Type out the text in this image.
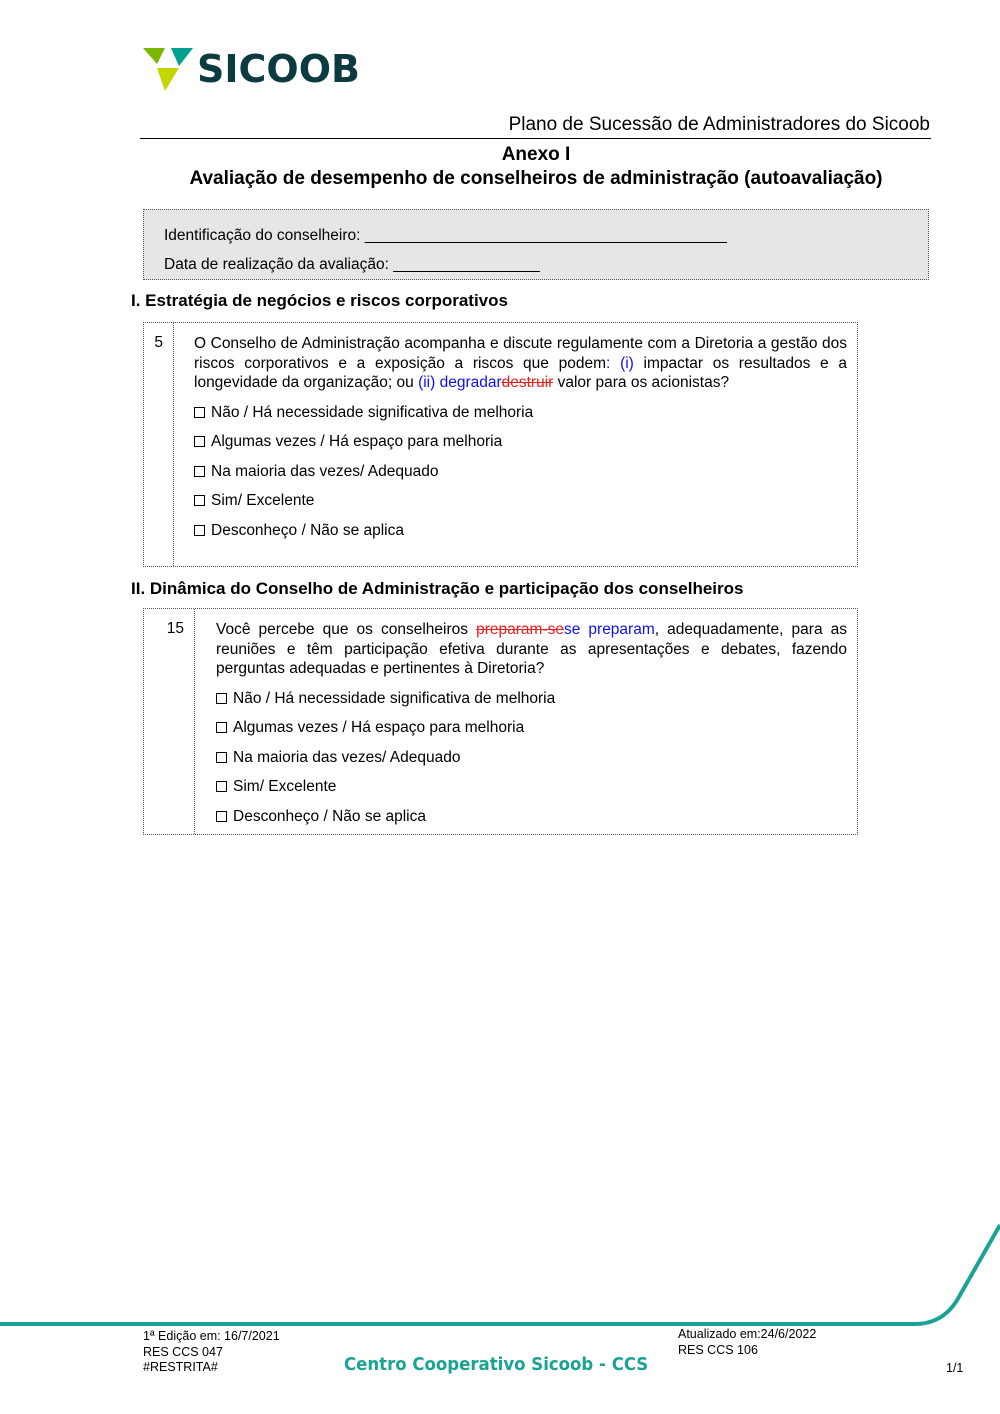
SICOOB
Plano de Sucessão de Administradores do Sicoob
Anexo I
Avaliação de desempenho de conselheiros de administração (autoavaliação)
Identificação do conselheiro: __________________________________________
Data de realização da avaliação: _________________
I. Estratégia de negócios e riscos corporativos
5	O Conselho de Administração acompanha e discute regulamente com a Diretoria a gestão dos riscos corporativos e a exposição a riscos que podem: (i) impactar os resultados e a longevidade da organização; ou (ii) degradardestruir valor para os acionistas?
Não / Há necessidade significativa de melhoria
Algumas vezes / Há espaço para melhoria
Na maioria das vezes/ Adequado
Sim/ Excelente
Desconheço / Não se aplica
II. Dinâmica do Conselho de Administração e participação dos conselheiros
15	Você percebe que os conselheiros preparam-sese preparam, adequadamente, para as reuniões e têm participação efetiva durante as apresentações e debates, fazendo perguntas adequadas e pertinentes à Diretoria?
Não / Há necessidade significativa de melhoria
Algumas vezes / Há espaço para melhoria
Na maioria das vezes/ Adequado
Sim/ Excelente
Desconheço / Não se aplica
1ª Edição em: 16/7/2021
RES CCS 047
#RESTRITA#	Centro Cooperativo Sicoob - CCS
Atualizado em:24/6/2022
RES CCS 106
1/1
